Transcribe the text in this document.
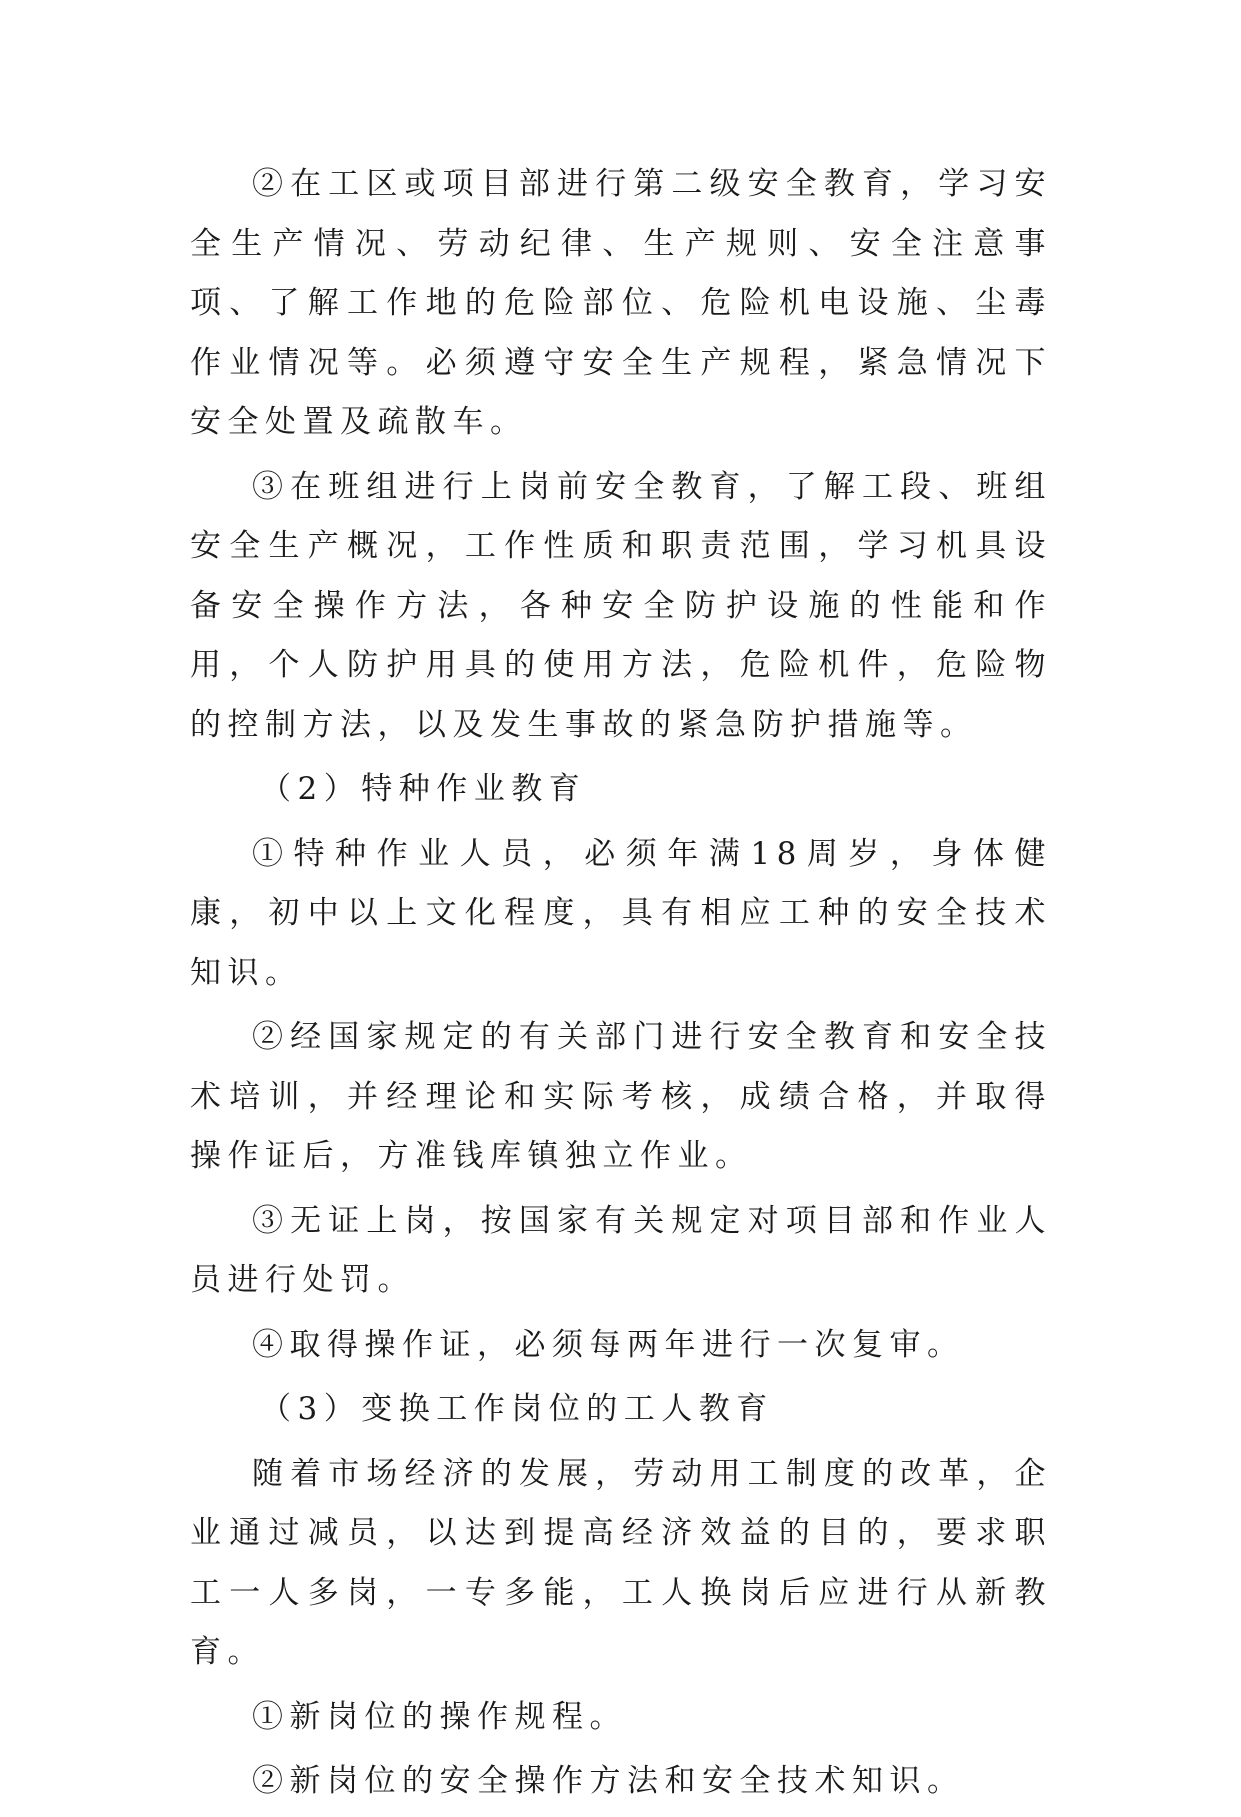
②在工区或项目部进行第二级安全教育，学习安全生产情况、劳动纪律、生产规则、安全注意事项、了解工作地的危险部位、危险机电设施、尘毒作业情况等。必须遵守安全生产规程，紧急情况下安全处置及疏散车。

③在班组进行上岗前安全教育，了解工段、班组安全生产概况，工作性质和职责范围，学习机具设备安全操作方法，各种安全防护设施的性能和作用，个人防护用具的使用方法，危险机件，危险物的控制方法，以及发生事故的紧急防护措施等。

（2）特种作业教育

①特种作业人员，必须年满18周岁，身体健康，初中以上文化程度，具有相应工种的安全技术知识。

②经国家规定的有关部门进行安全教育和安全技术培训，并经理论和实际考核，成绩合格，并取得操作证后，方准钱库镇独立作业。

③无证上岗，按国家有关规定对项目部和作业人员进行处罚。

④取得操作证，必须每两年进行一次复审。

（3）变换工作岗位的工人教育

随着市场经济的发展，劳动用工制度的改革，企业通过减员，以达到提高经济效益的目的，要求职工一人多岗，一专多能，工人换岗后应进行从新教育。

①新岗位的操作规程。

②新岗位的安全操作方法和安全技术知识。
